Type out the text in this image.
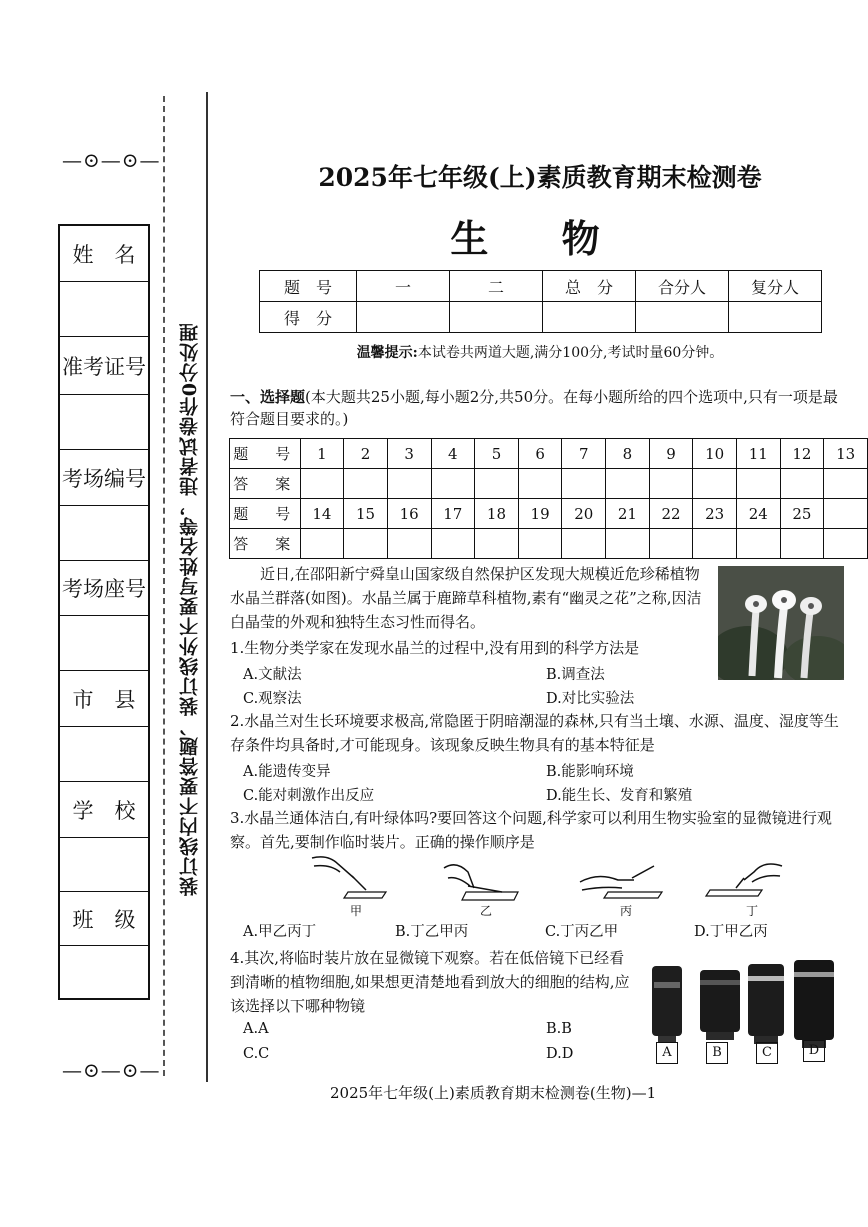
—⊙—⊙—
姓　名
准考证号
考场编号
考场座号
市　县
学　校
班　级
—⊙—⊙—
装订线内不要答题、装订线外不要写姓名等，违者试卷作0分处理
2025年七年级(上)素质教育期末检测卷
生 物
题　号	一	二	总　分	合分人	复分人
得　分					
温馨提示:本试卷共两道大题,满分100分,考试时量60分钟。
一、选择题(本大题共25小题,每小题2分,共50分。在每小题所给的四个选项中,只有一项是最符合题目要求的。)
题　号	1	2	3	4	5	6	7	8	9	10	11	12	13
答　案													
题　号	14	15	16	17	18	19	20	21	22	23	24	25	
答　案													
近日,在邵阳新宁舜皇山国家级自然保护区发现大规模近危珍稀植物水晶兰群落(如图)。水晶兰属于鹿蹄草科植物,素有“幽灵之花”之称,因洁白晶莹的外观和独特生态习性而得名。
1.生物分类学家在发现水晶兰的过程中,没有用到的科学方法是
A.文献法	B.调查法
C.观察法	D.对比实验法
2.水晶兰对生长环境要求极高,常隐匿于阴暗潮湿的森林,只有当土壤、水源、温度、湿度等生存条件均具备时,才可能现身。该现象反映生物具有的基本特征是
A.能遗传变异	B.能影响环境
C.能对刺激作出反应	D.能生长、发育和繁殖
3.水晶兰通体洁白,有叶绿体吗?要回答这个问题,科学家可以利用生物实验室的显微镜进行观察。首先,要制作临时装片。正确的操作顺序是
甲	乙	丙	丁
A.甲乙丙丁	B.丁乙甲丙	C.丁丙乙甲	D.丁甲乙丙
4.其次,将临时装片放在显微镜下观察。若在低倍镜下已经看到清晰的植物细胞,如果想更清楚地看到放大的细胞的结构,应该选择以下哪种物镜
A	B	C	D
A.A	B.B
C.C	D.D
2025年七年级(上)素质教育期末检测卷(生物)—1
